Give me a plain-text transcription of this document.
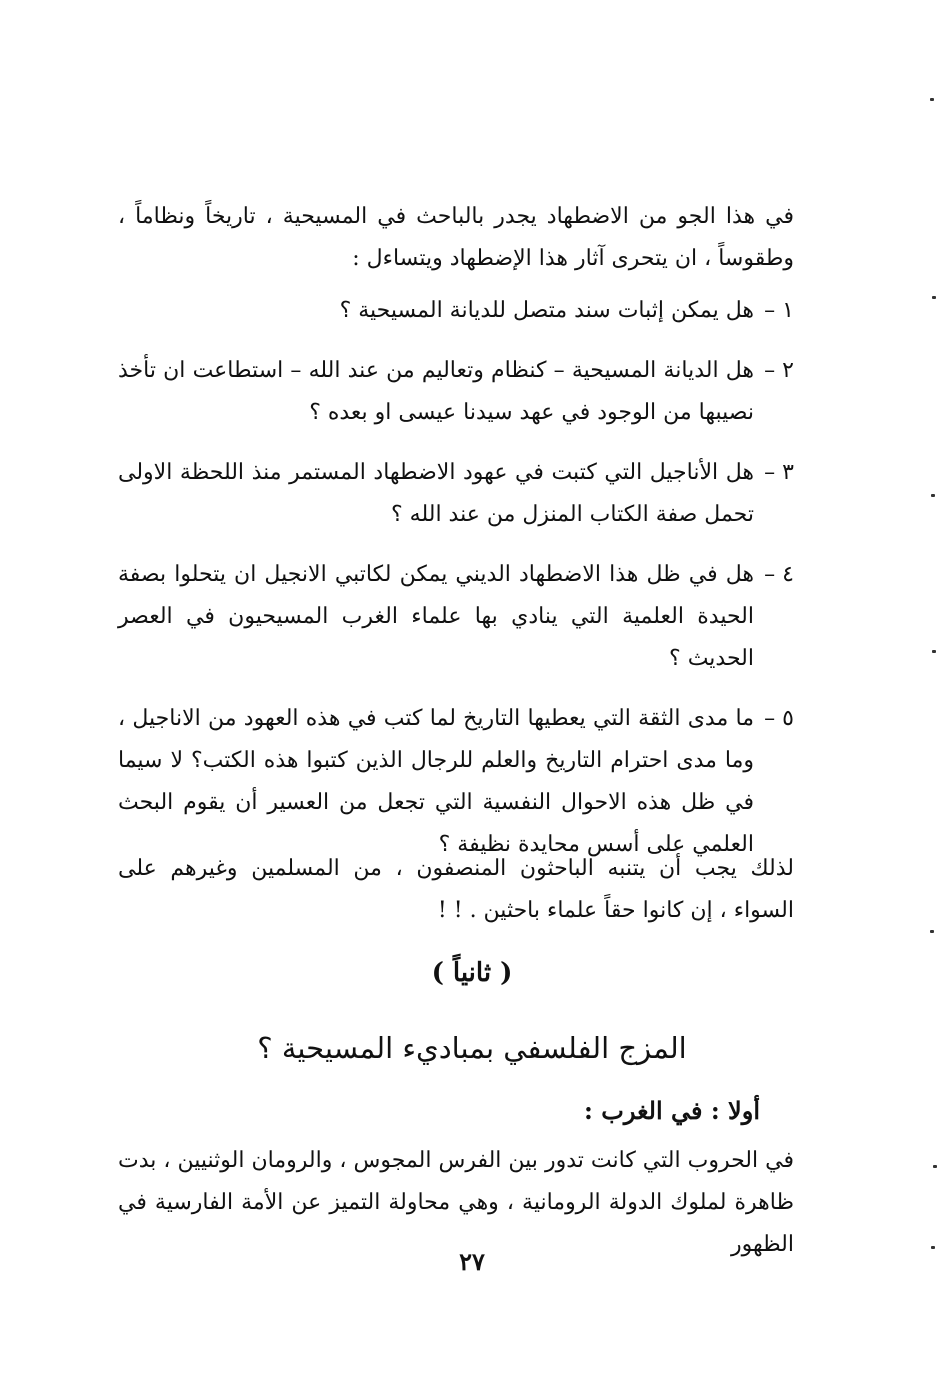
في هذا الجو من الاضطهاد يجدر بالباحث في المسيحية ، تاريخاً ونظاماً ، وطقوساً ، ان يتحرى آثار هذا الإضطهاد ويتساءل :

١ –
هل يمكن إثبات سند متصل للديانة المسيحية ؟
٢ –
هل الديانة المسيحية – كنظام وتعاليم من عند الله – استطاعت ان تأخذ نصيبها من الوجود في عهد سيدنا عيسى او بعده ؟
٣ –
هل الأناجيل التي كتبت في عهود الاضطهاد المستمر منذ اللحظة الاولى تحمل صفة الكتاب المنزل من عند الله ؟
٤ –
هل في ظل هذا الاضطهاد الديني يمكن لكاتبي الانجيل ان يتحلوا بصفة الحيدة العلمية التي ينادي بها علماء الغرب المسيحيون في العصر الحديث ؟
٥ –
ما مدى الثقة التي يعطيها التاريخ لما كتب في هذه العهود من الاناجيل ، وما مدى احترام التاريخ والعلم للرجال الذين كتبوا هذه الكتب؟ لا سيما في ظل هذه الاحوال النفسية التي تجعل من العسير أن يقوم البحث العلمي على أسس محايدة نظيفة ؟

لذلك يجب أن يتنبه الباحثون المنصفون ، من المسلمين وغيرهم على السواء ، إن كانوا حقاً علماء باحثين . ! !

( ثانياً )
المزج الفلسفي بمباديء المسيحية ؟
أولا : في الغرب :

في الحروب التي كانت تدور بين الفرس المجوس ، والرومان الوثنيين ، بدت ظاهرة لملوك الدولة الرومانية ، وهي محاولة التميز عن الأمة الفارسية في الظهور

٢٧
